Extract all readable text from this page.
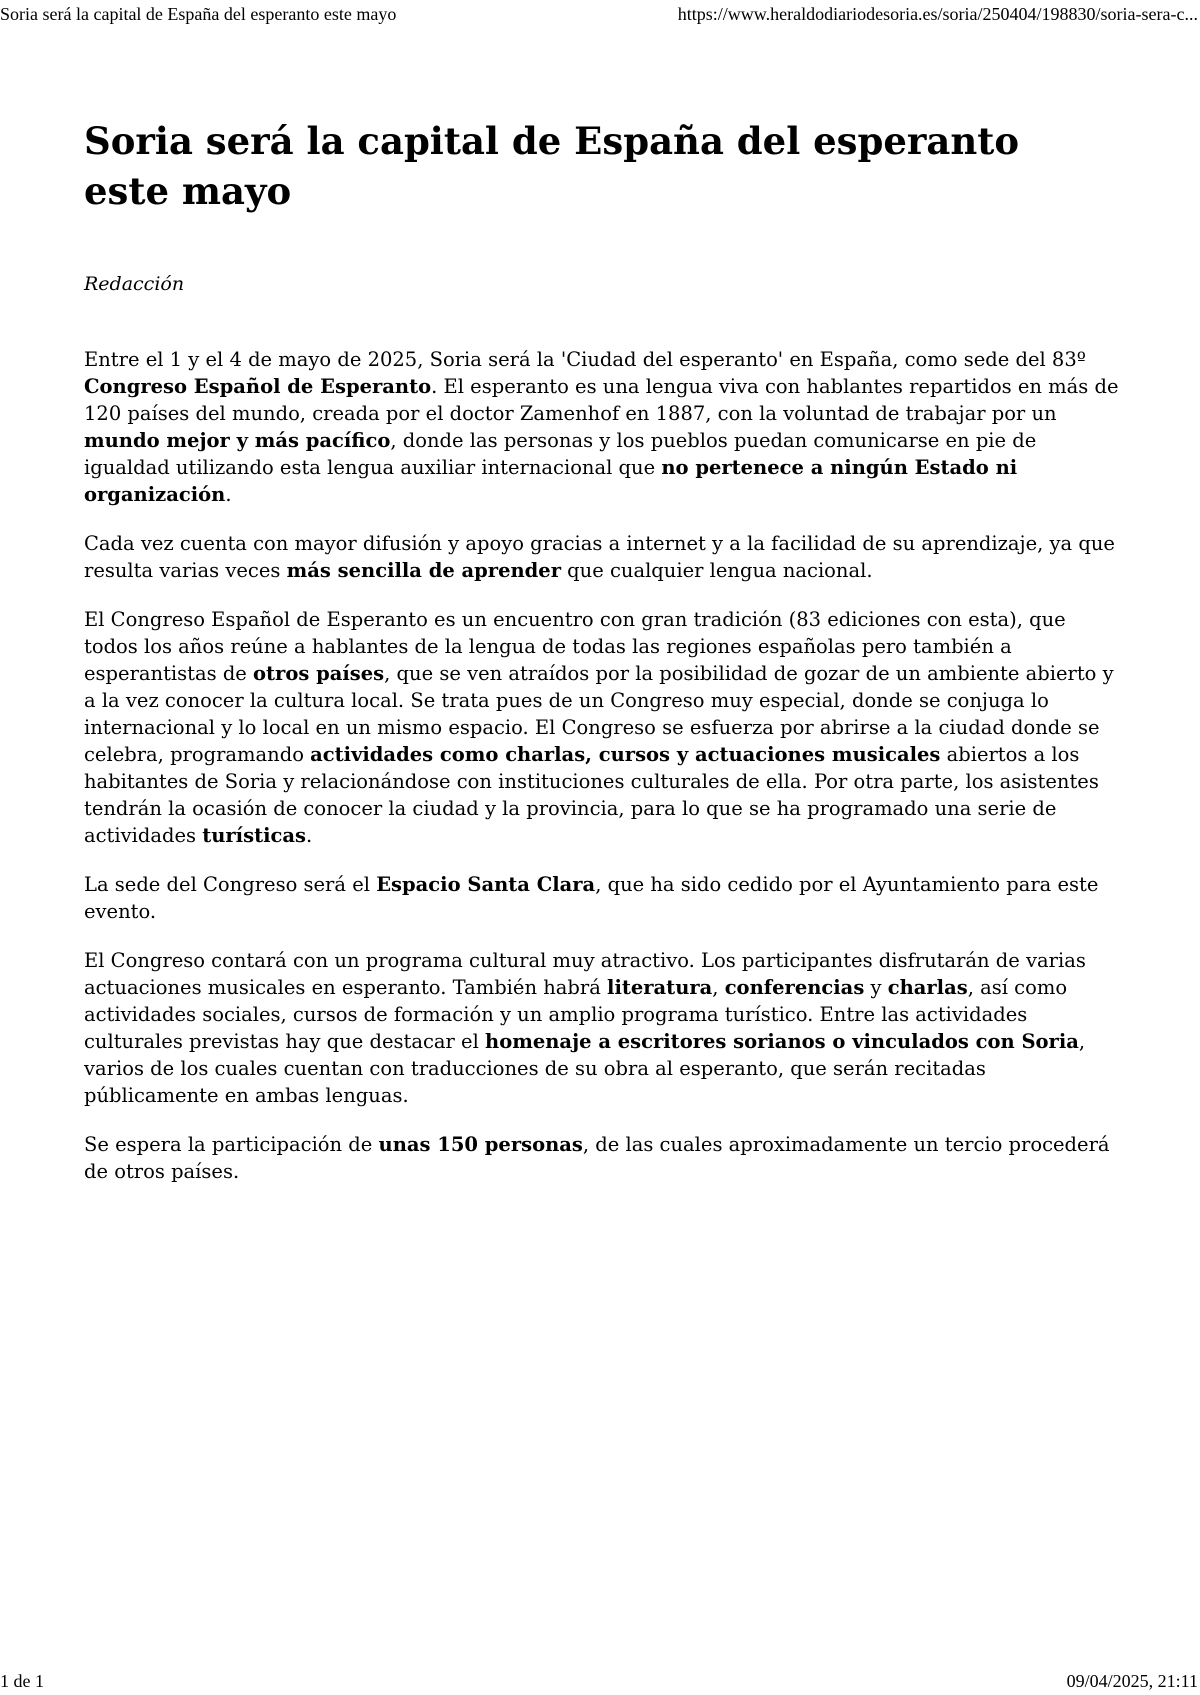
Soria será la capital de España del esperanto este mayo	https://www.heraldodiariodesoria.es/soria/250404/198830/soria-sera-c...
Soria será la capital de España del esperanto este mayo
Redacción

Entre el 1 y el 4 de mayo de 2025, Soria será la 'Ciudad del esperanto' en España, como sede del 83º Congreso Español de Esperanto. El esperanto es una lengua viva con hablantes repartidos en más de 120 países del mundo, creada por el doctor Zamenhof en 1887, con la voluntad de trabajar por un mundo mejor y más pacífico, donde las personas y los pueblos puedan comunicarse en pie de igualdad utilizando esta lengua auxiliar internacional que no pertenece a ningún Estado ni organización.

Cada vez cuenta con mayor difusión y apoyo gracias a internet y a la facilidad de su aprendizaje, ya que resulta varias veces más sencilla de aprender que cualquier lengua nacional.

El Congreso Español de Esperanto es un encuentro con gran tradición (83 ediciones con esta), que todos los años reúne a hablantes de la lengua de todas las regiones españolas pero también a esperantistas de otros países, que se ven atraídos por la posibilidad de gozar de un ambiente abierto y a la vez conocer la cultura local. Se trata pues de un Congreso muy especial, donde se conjuga lo internacional y lo local en un mismo espacio. El Congreso se esfuerza por abrirse a la ciudad donde se celebra, programando actividades como charlas, cursos y actuaciones musicales abiertos a los habitantes de Soria y relacionándose con instituciones culturales de ella. Por otra parte, los asistentes tendrán la ocasión de conocer la ciudad y la provincia, para lo que se ha programado una serie de actividades turísticas.

La sede del Congreso será el Espacio Santa Clara, que ha sido cedido por el Ayuntamiento para este evento.

El Congreso contará con un programa cultural muy atractivo. Los participantes disfrutarán de varias actuaciones musicales en esperanto. También habrá literatura, conferencias y charlas, así como actividades sociales, cursos de formación y un amplio programa turístico. Entre las actividades culturales previstas hay que destacar el homenaje a escritores sorianos o vinculados con Soria, varios de los cuales cuentan con traducciones de su obra al esperanto, que serán recitadas públicamente en ambas lenguas.

Se espera la participación de unas 150 personas, de las cuales aproximadamente un tercio procederá de otros países.

1 de 1	09/04/2025, 21:11
